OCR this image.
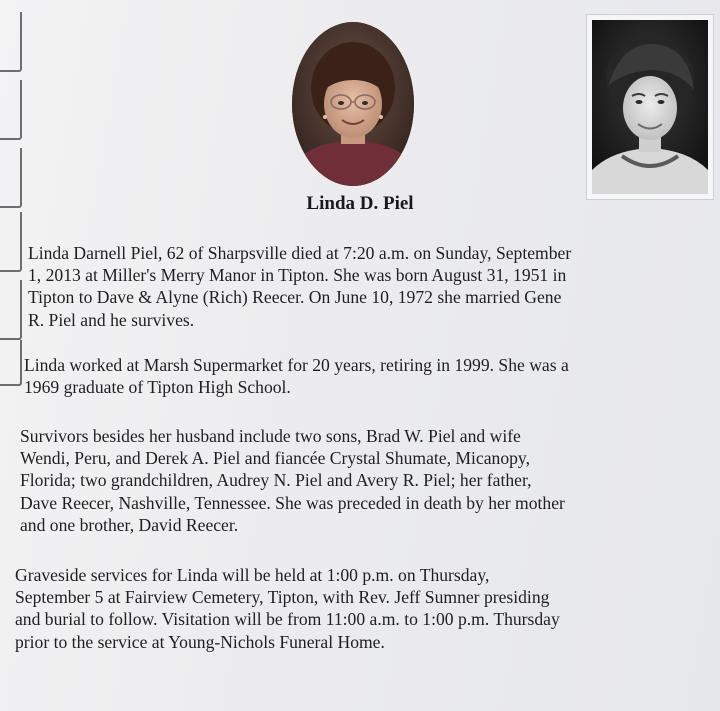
Linda D. Piel

Linda Darnell Piel, 62 of Sharpsville died at 7:20 a.m. on Sunday, September
1, 2013 at Miller's Merry Manor in Tipton. She was born August 31, 1951 in
Tipton to Dave & Alyne (Rich) Reecer. On June 10, 1972 she married Gene
R. Piel and he survives.

Linda worked at Marsh Supermarket for 20 years, retiring in 1999. She was a
1969 graduate of Tipton High School.

Survivors besides her husband include two sons, Brad W. Piel and wife
Wendi, Peru, and Derek A. Piel and fiancée Crystal Shumate, Micanopy,
Florida; two grandchildren, Audrey N. Piel and Avery R. Piel; her father,
Dave Reecer, Nashville, Tennessee. She was preceded in death by her mother
and one brother, David Reecer.

Graveside services for Linda will be held at 1:00 p.m. on Thursday,
September 5 at Fairview Cemetery, Tipton, with Rev. Jeff Sumner presiding
and burial to follow. Visitation will be from 11:00 a.m. to 1:00 p.m. Thursday
prior to the service at Young-Nichols Funeral Home.
